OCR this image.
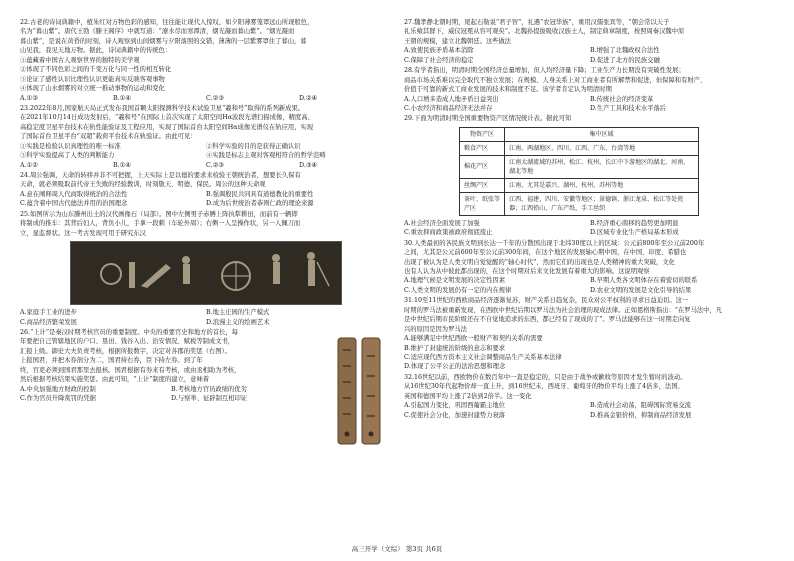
22.古老的诗词典籍中，植朱红对万物色彩的感知，往往能让现代人惊叹，如夕阳薄雾笼罩远山所现般色，
名为“暮山紫”。唐代王勃《滕王阁序》中就写道：“潦水尽而寒潭清，烟光凝而暮山紫”。“烟光凝而
暮山紫”，是说在黄昏的时刻，诗人观察到山间烟雾与夕阳落照的交错，薄薄的一层紫雾罩住了暮山，暮
山见我，我见天地万物。据此，诗词典籍中的传统色：
①蕴藏着中国古人观察世界的独特的美学观
②体现了不同色彩之间的千变万化与同一性的相互转化
③论证了感性认识比理性认识更能真实反映客观事物
④体现了山水烟雾的对立统一推动事物的运动和变化
A.①③	B.①④	C.②③	D.②④
23.2022年8月,国家航天局正式发布我国首颗太阳探测科学技术试验卫星“羲和号”取得的系列新成果。
在2021年10月14日成功发射后，“羲和号”在国际上首次实现了太阳空间Hα波段光谱扫描成像，精度高、
高稳定度卫星平台技术在轨性能验证及工程应用，实现了国际首台太阳空间Hα成像光谱仪在轨应用，实现
了国际首台卫星平台“双超”载荷平台技术在轨验证。由此可见：
①实践是检验认识真理性的唯一标准	②科学实验的目的是获得正确认识
③科学实验提高了人类的判断能力	④实践是标志主观对客观相符合的哲学范畴
A.①②	B.①④	C.②③	D.③④
24.周公强调，天命的转移并非不可把握，上天实际上是以德的要求来检验王朝统治者，想要长久保有
天命，就必须吸取前代帝王失败的经验教训，时刻敬天、明德、保民。周公的这种天命观
A.意在阐释周人代商取得统治的合法性	B.强调殷民共同具有道德教化的重要性
C.蕴含着中国古代德法并用的治国理念	D.成为后世统治者恭则仁政的理论来源
25.如图所示为山东滕州出土的汉代画像石（局部）。图中左侧男子赤膊上阵执犁耕田，而前有一辆即
将制成的推车：其背后妇人，背负小儿，手拿一段刺（车轮外周）；右侧一人呈操作状，另一人佩刀而
立，显监督状。这一考古发现可用于研究东汉
A.家庭手工业的进步	B.地主庄园的生产模式
C.商品经济繁荣发展	D.浪漫主义的绘画艺术
26.“上计”是秦汉时期考核官员的重要制度。中央的重要官史和地方的首长，每
年要把自己管辖地区的户口、垦田、钱谷入出、治安情况、赋税等制成文书，
汇报上级。御史大夫负责考核，根据所报数字，决定对各郡的奖惩（右图）。
上报国君，并把木券剖分为二，国君持右券，臣下持左券。到了年
终，官吏必须到国君那里去报核。国君根据有券来有考核，或由丞相助为考核，
然后根据考核结果实施奖惩。由此可知，“上计”制度的建立，意味着
A.中央加强地方财政的控制	B.考核地方官员政绩的优劣
C.作为官员升降赏罚的凭据	D.与察举、征辟制互相印证
27.魏孝静北朝时期，尾起石勒说“君子智”，礼遇“农冠华族”，重用汉儒张宾等，“朝会常以天子
礼乐飨其群下，威仪冠冕从容可观矣”。北魏孙提拔吸收汉族士人，制定典章制度，按照周秦汉魏中原
王朝的规模，建立北魏朝廷。这些做法
A.致使民族矛盾基本消除	B.增强了北魏政权合法性
C.保障了社会经济的稳定	D.促进了北方的民族交融
28.有学者指出，明清时期全国经济总量增加，但人均经济量下降；工业生产力长期没有突破性发展；
商品市场关系难以完全取代不独立发展；在规模、人身关系上对工商业者有所解禁和促进，但保障和有财产、
价值于可靠的新式工商业发展的技术和制度不足。该学者肯定认为明清时期
A.人口增多造成人地矛盾日益突出	B.传统社会的经济变革
C.小农经济和商品经济无法并存	D.生产工具和技术水平落后
29.下面为明清时期全国重要物资产区情况统计表。据此可知
物资产区	集中区域
粮食产区	江南、两湖地区、四川、江西、广东、台湾等地
棉花产区	江南太湖流域的苏州、松江、杭州，长江中下游地区的湖北、河南、湖北等地
丝绸产区	江南、尤其是嘉兴、湖州、杭州、苏州等地
茶叶、纸张等产区	江西、福建、四川、安徽等地区；景德镇、浙江龙泉、松江等处瓷器；江西铅山、广东产纸，手工丝织
A.社会经济全面发展了加强	B.经济重心南移的趋势更加明显
C.重农抑商政策被政府彻底废止	D.区域专业化生产格局基本形成
30.人类最初的各民族文明到长达一千年的分散国出现于北纬30度以上的区域：公元前800年至公元前200年
之间，尤其是公元前600年至公元前300年间，在这个地区的发展轴心期中国，在中国、印度、希腊也
出现了被认为是人类文明自觉觉醒的“轴心时代”，然而它们的出现也是人类精神的重大突破，文化
也有人认为从中彼此都出现的，在这个时期对后来文化发展有着重大的影响。这说明观察
A.地理气候是文明发展的决定性因素	B.早期人类各文明体存在着密切的联系
C.人类文明的发展仍有一定的内在规律	D.农业文明的发展是文化引导的结果
31.10至11世纪的西欧商品经济逐渐复苏，财产关系日趋复杂，民众对公平权利的寻求日益迫切。这一
时期的罗马法被重新发现，在西欧中世纪后期以罗马法为社会治理的现成法律。正如恩格斯指出：“在罗马法中，凡
是中世纪后期市民阶级还在不自觉地追求的东西，都已经有了现成的了”。罗马法能够在这一时期走向复
兴的原因是因为罗马法
A.能够满足中世纪西欧一般财产和契约关系的需要
B.维护了封建统治阶级的意志和要求
C.适应现代西方资本主义社会调整商品生产关系基本法律
D.体现了公平公正的法治思想和理念
32.16世纪以前，西欧物价在数百年中一直是稳定的，只是由于战争或歉收等原因才发生暂时的波动。
从16世纪30年代起物价却一直上升，到16世纪末，西班牙、葡萄牙的物价平均上涨了4倍多，法国、
英国和德国平均上涨了2倍到2倍半。这一变化
A.引起国力变化，巩固西葡霸主地位	B.造成社会动荡，阻碍国际贸易交流
C.促使社会分化，加速封建势力衰落	D.推高金银价格，抑制商品经济发展
高三开学（文综） 第3页 共6页
